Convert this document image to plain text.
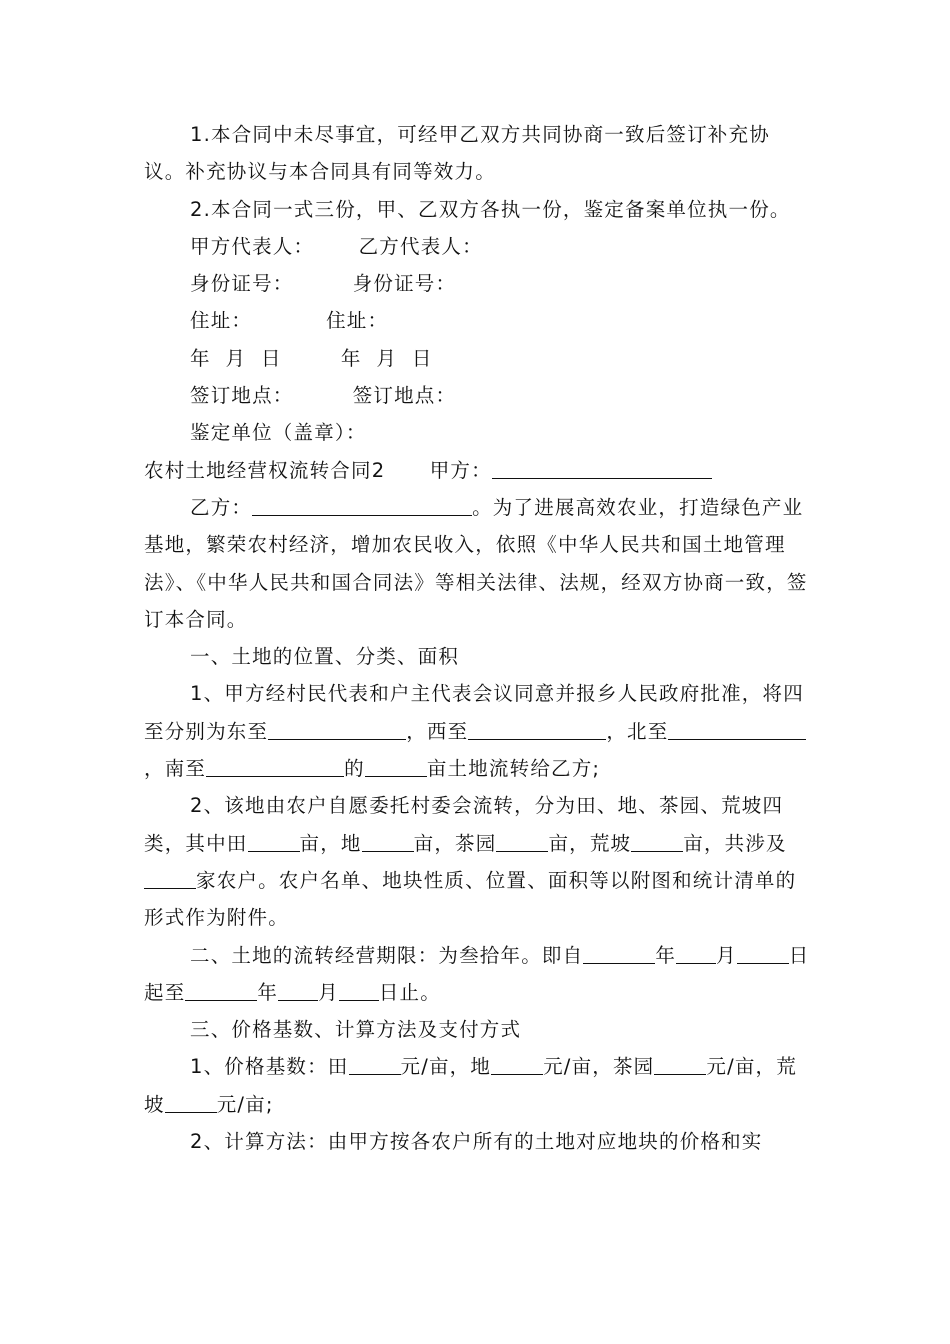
1.本合同中未尽事宜，可经甲乙双方共同协商一致后签订补充协议。补充协议与本合同具有同等效力。

2.本合同一式三份，甲、乙双方各执一份，鉴定备案单位执一份。

甲方代表人：      乙方代表人：

身份证号：        身份证号：

住址：          住址：

年  月  日        年  月  日

签订地点：        签订地点：

鉴定单位（盖章）：

农村土地经营权流转合同2      甲方：

乙方：	。为了进展高效农业，打造绿色产业基地，繁荣农村经济，增加农民收入，依照《中华人民共和国土地管理法》、《中华人民共和国合同法》等相关法律、法规，经双方协商一致，签订本合同。

一、土地的位置、分类、面积

1、甲方经村民代表和户主代表会议同意并报乡人民政府批准，将四至分别为东至	，西至	，北至，南至	的	亩土地流转给乙方;

2、该地由农户自愿委托村委会流转，分为田、地、茶园、荒坡四类，其中田	亩，地	亩，茶园	亩，荒坡	亩，共涉及家农户。农户名单、地块性质、位置、面积等以附图和统计清单的形式作为附件。

二、土地的流转经营期限：为叁拾年。即自	年 月	日起至	年 月 日止。

三、价格基数、计算方法及支付方式

1、价格基数：田	元/亩，地	元/亩，茶园	元/亩，荒坡	元/亩;

2、计算方法：由甲方按各农户所有的土地对应地块的价格和实
